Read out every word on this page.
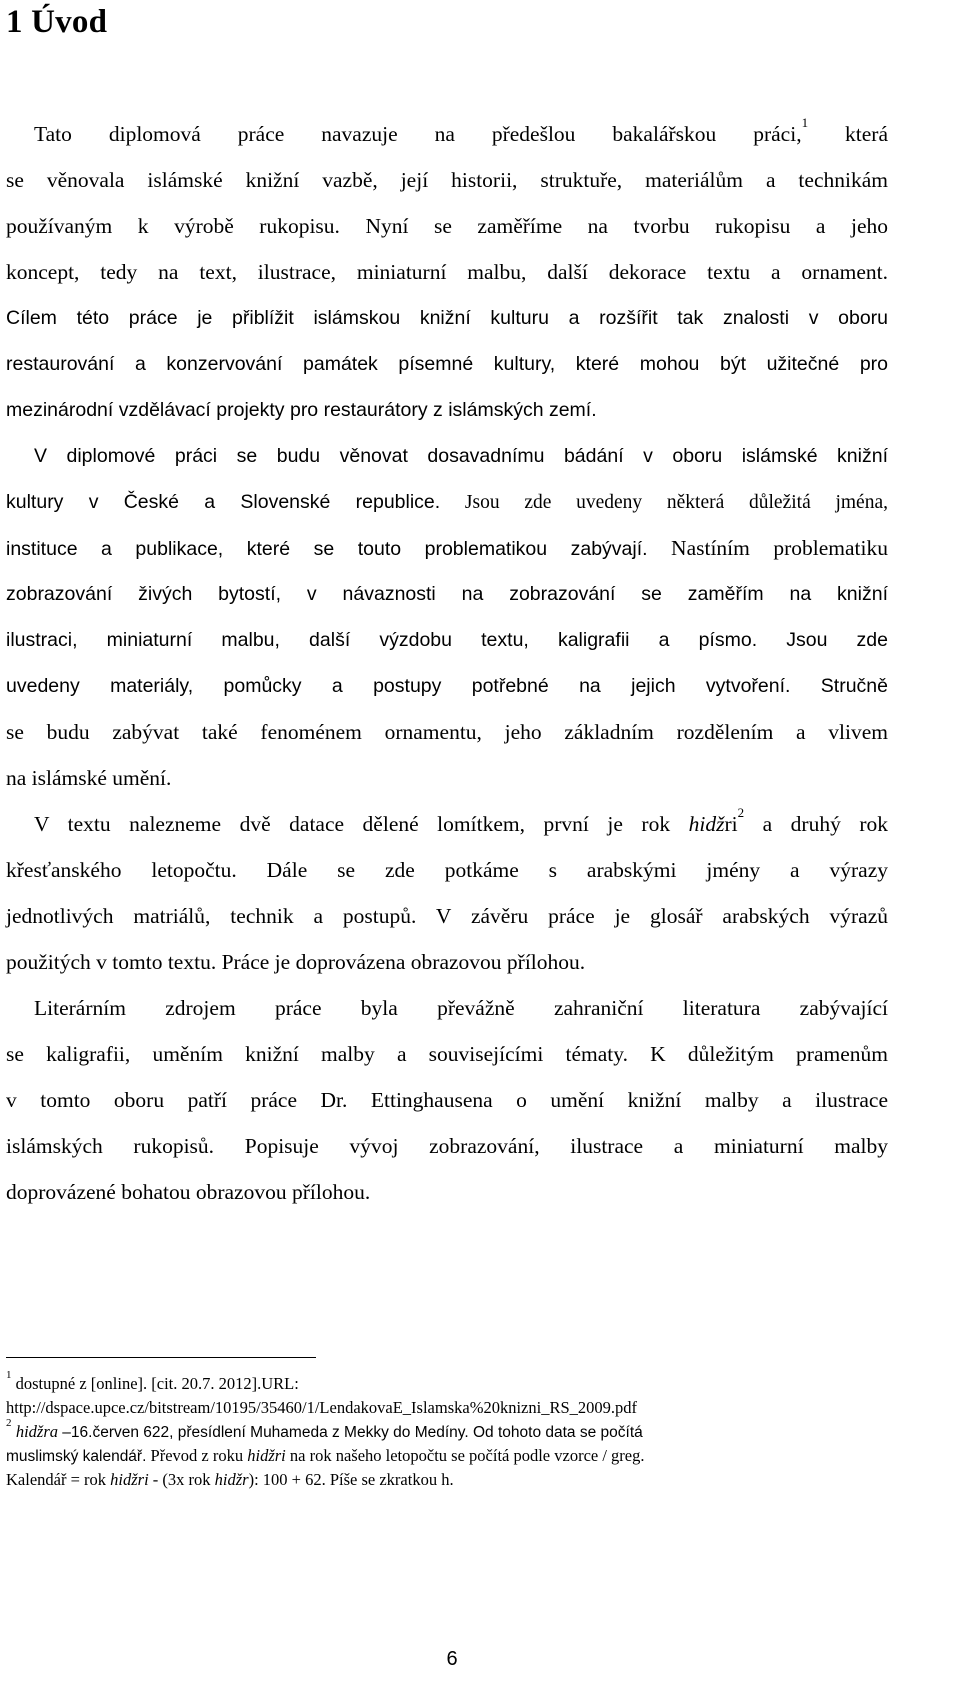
1 Úvod
Tato diplomová práce navazuje na předešlou bakalářskou práci,$^1$ která
se věnovala islámské knižní vazbě, její historii, struktuře, materiálům a technikám
používaným k výrobě rukopisu. Nyní se zaměříme na tvorbu rukopisu a jeho
koncept, tedy na text, ilustrace, miniaturní malbu, další dekorace textu a ornament.
Cílem této práce je přiblížit islámskou knižní kulturu a rozšířit tak znalosti v oboru
restaurování a konzervování památek písemné kultury, které mohou být užitečné pro
mezinárodní vzdělávací projekty pro restaurátory z islámských zemí.
V diplomové práci se budu věnovat dosavadnímu bádání v oboru islámské knižní
kultury v České a Slovenské republice. Jsou zde uvedeny některá důležitá jména,
instituce a publikace, které se touto problematikou zabývají. Nastíním problematiku
zobrazování živých bytostí, v návaznosti na zobrazování se zaměřím na knižní
ilustraci, miniaturní malbu, další výzdobu textu, kaligrafii a písmo. Jsou zde
uvedeny materiály, pomůcky a postupy potřebné na jejich vytvoření. Stručně
se budu zabývat také fenoménem ornamentu, jeho základním rozdělením a vlivem
na islámské umění.
V textu nalezneme dvě datace dělené lomítkem, první je rok hidžri$^2$ a druhý rok
křesťanského letopočtu. Dále se zde potkáme s arabskými jmény a výrazy
jednotlivých matriálů, technik a postupů. V závěru práce je glosář arabských výrazů
použitých v tomto textu. Práce je doprovázena obrazovou přílohou.
Literárním zdrojem práce byla převážně zahraniční literatura zabývající
se kaligrafii, uměním knižní malby a souvisejícími tématy. K důležitým pramenům
v tomto oboru patří práce Dr. Ettinghausena o umění knižní malby a ilustrace
islámských rukopisů. Popisuje vývoj zobrazování, ilustrace a miniaturní malby
doprovázené bohatou obrazovou přílohou.
$^1$ dostupné z [online]. [cit. 20.7. 2012].URL:
http://dspace.upce.cz/bitstream/10195/35460/1/LendakovaE_Islamska%20knizni_RS_2009.pdf
$^2$ hidžra –16.červen 622, přesídlení Muhameda z Mekky do Medíny. Od tohoto data se počítá
muslimský kalendář. Převod z roku hidžri na rok našeho letopočtu se počítá podle vzorce / greg.
Kalendář = rok hidžri - (3x rok hidžr): 100 + 62. Píše se zkratkou h.
6
